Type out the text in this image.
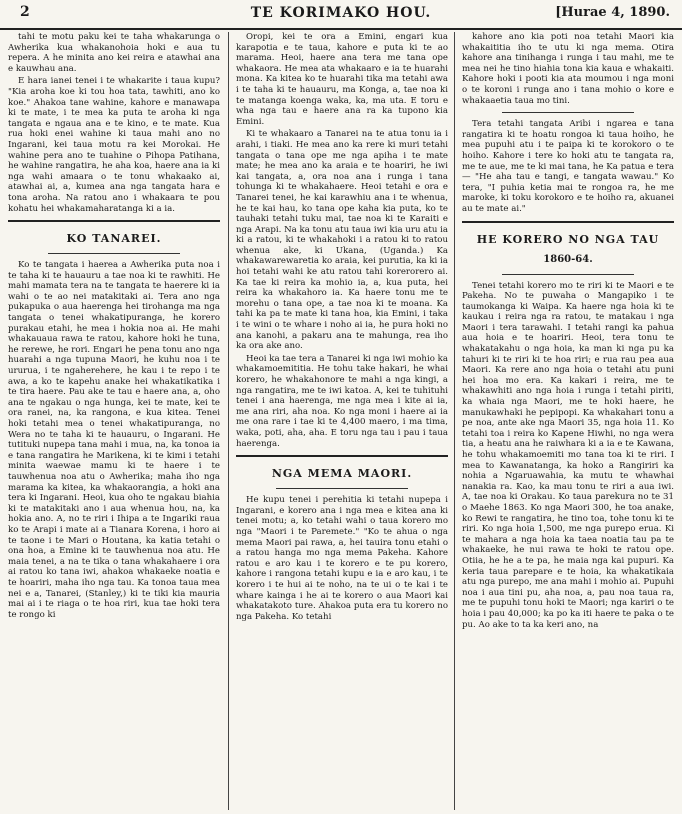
2	TE KORIMAKO HOU.	[Huraе 4, 1890.

tahi te motu paku kei te taha whakarunga o Awherika kua whakanohoia hoki e aua tu repera. A he minita ano kei reira e atawhai ana e kauwhau ana.

E hara ianei tenei i te whakarite i taua kupu? "Kia aroha koe ki tou hoa tata, tawhiti, ano ko koe." Ahakoa tane wahine, kahore e manawapa ki te mate, i te mea ka puta te aroha ki nga tangata e ngaua ana e te kino, e te mate. Kua rua hoki enei wahine ki taua mahi ano no Ingarani, kei taua motu ra kei Morokai. He wahine pera ano te tuahine o Pihopa Patihana, he wahine rangatira, he aha koa, haere ana ia ki nga wahi amaara o te tonu whakaako ai, atawhai ai, a, kumea ana nga tangata hara e tona aroha. Na ratou ano i whakaara te pou kohatu hei whakamaharatanga ki a ia.

KO TANAREI.

Ko te tangata i haerea a Awherika puta noa i te taha ki te hauauru a tae noa ki te rawhiti. He mahi mamata tera na te tangata te haerere ki ia wahi o te ao nei matakitaki ai. Tera ano nga pukapuka o aua haerenga hei tirohanga ma nga tangata o tenei whakatipuranga, he korero purakau etahi, he mea i hokia noa ai. He mahi whakauaua rawa te ratou, kahore hoki he tuna, he rerewe, he rori. Engari he pena tonu ano nga huarahi a nga tupuna Maori, he kuhu noa i te ururua, i te ngaherehere, he kau i te repo i te awa, a ko te kapehu anake hei whakatikatika i te tira haere. Pau ake te tau e haere ana, a, oho ana te ngakau o nga hunga, kei te mate, kei te ora ranei, na, ka rangona, e kua kitea. Tenei hoki tetahi mea o tenei whakatipuranga, no Wera no te taha ki te hauauru, o Ingarani. He tutituki nupepa tana mahi i mua, na, ka tonoa ia e tana rangatira he Marikena, ki te kimi i tetahi minita waewae mamu ki te haere i te tauwhenua noa atu o Awherika; maha iho nga marama ka kitea, ka whakaorangia, a hoki ana tera ki Ingarani. Heoi, kua oho te ngakau biahia ki te matakitaki ano i aua whenua hou, na, ka hokia ano. A, no te riri i Ihipa a te Ingariki raua ko te Arapi i mate ai a Tianara Korena, i horo ai te taone i te Mari o Houtana, ka katia tetahi o ona hoa, a Emine ki te tauwhenua noa atu. He maia tenei, a na te tika o tana whakahaere i ora ai ratou ko tana iwi, ahakoa whakaeke noatia e te hoariri, maha iho nga tau. Ka tonoa taua mea nei e a, Tanarei, (Stanley,) ki te tiki kia mauria mai ai i te riaga o te hoa riri, kua tae hoki tera te rongo ki

Oropi, kei te ora a Emini, engari kua karapotia e te taua, kahore e puta ki te ao marama. Heoi, haere ana tera me tana ope whakaora. He mea ata whakaaro e ia te huarahi mona. Ka kitea ko te huarahi tika ma tetahi awa i te taha ki te hauauru, ma Konga, a, tae noa ki te matanga koenga waka, ka, ma uta. E toru e wha nga tau e haere ana ra ka tupono kia Emini.

Ki te whakaaro a Tanarei na te atua tonu ia i arahi, i tiaki. He mea ano ka rere ki muri tetahi tangata o tana ope me nga apiha i te mate mate; he mea ano ka araia e te hoariri, he iwi kai tangata, a, ora noa ana i runga i tana tohunga ki te whakahaere. Heoi tetahi e ora e Tanarei tenei, he kai karawhiu ana i te whenua, he te kai hau, ko tana ope kaha kia puta, ko te tauhaki tetahi tuku mai, tae noa ki te Karaiti e nga Arapi. Na ka tonu atu taua iwi kia uru atu ia ki a ratou, ki te whakahoki i a ratou ki to ratou whenua ake, ki Ukana, (Uganda.) Ka whakawarewaretia ko araia, kei purutia, ka ki ia hoi tetahi wahi ke atu ratou tahi korerorero ai. Ka tae ki reira ka mohio ia, a, kua puta, hei reira ka whakahoro ia. Ka haere tonu me te morehu o tana ope, a tae noa ki te moana. Ka tahi ka pa te mate ki tana hoa, kia Emini, i taka i te wini o te whare i noho ai ia, he pura hoki no ana kanohi, a pakaru ana te mahunga, rea iho ka ora ake ano.

Heoi ka tae tera a Tanarei ki nga iwi mohio ka whakamoemititia. He tohu take hakari, he whai korero, he whakahonore te mahi a nga kingi, a nga rangatira, me te iwi katoa. A, kei te tuhituhi tenei i ana haerenga, me nga mea i kite ai ia, me ana riri, aha noa. Ko nga moni i haere ai ia me ona rare i tae ki te 4,400 maero, i ma tima, waka, poti, aha, aha. E toru nga tau i pau i taua haerenga.

NGA MEMA MAORI.

He kupu tenei i perehitia ki tetahi nupepa i Ingarani, e korero ana i nga mea e kitea ana ki tenei motu; a, ko tetahi wahi o taua korero mo nga "Maori i te Paremete." "Ko te ahua o nga mema Maori pai rawa, a, hei tauira tonu etahi o a ratou hanga mo nga mema Pakeha. Kahore ratou e aro kau i te korero e te pu korero, kahore i rangona tetahi kupu e ia e aro kau, i te korero i te hui ai te noho, na te ui o te kai i te whare kainga i he ai te korero o aua Maori kai whakatakoto ture. Ahakoa puta era tu korero no nga Pakeha. Ko tetahi

kahore ano kia poti noa tetahi Maori kia whakaititia iho te utu ki nga mema. Otira kahore ana tinihanga i runga i tau mahi, me te mea nei he tino hiahia tona kia kaua e whakaiti. Kahore hoki i pooti kia ata moumou i nga moni o te koroni i runga ano i tana mohio o kore e whakaaetia taua mo tini.

Tera tetahi tangata Aribi i ngarea e tana rangatira ki te hoatu rongoa ki taua hoiho, he mea pupuhi atu i te paipa ki te korokoro o te hoiho. Kahore i tere ko hoki atu te tangata ra, me te aue, me te ki mai tana, he Ka patua e tera — "He aha tau e tangi, e tangata wawau." Ko tera, "I puhia ketia mai te rongoa ra, he me maroke, ki toku korokoro e te hoiho ra, akuanei au te mate ai."

HE KORERO NO NGA TAU
1860-64.

Tenei tetahi korero mo te riri ki te Maori e te Pakeha. No te puwaha o Mangapiko i te taumokanga ki Waipa. Ka haere nga hoia ki te kaukau i reira nga ra ratou, te matakau i nga Maori i tera tarawahi. I tetahi rangi ka pahua aua hoia e te hoariri. Heoi, tera tonu te whakatakahu o nga hoia, ka man ki nga pu ka tahuri ki te riri ki te hoa riri; e rua rau pea aua Maori. Ka rere ano nga hoia o tetahi atu puni hei hoa mo era. Ka kakari i reira, me te whakawhiti ano nga hoia i runga i tetahi piriti, ka whaia nga Maori, me te hoki haere, he manukawhaki he pepipopi. Ka whakahari tonu a pe noa, ante ake nga Maori 35, nga hoia 11. Ko tetahi toa i reira ko Kapene Hiwhi, no nga wera tia, a heatu ana he raiwhara ki a ia e te Kawana, he tohu whakamoemiti mo tana toa ki te riri. I mea to Kawanatanga, ka hoko a Rangiriri ka nohia a Ngaruawahia, ka mutu te whawhai nanakia ra. Kao, ka mau tonu te riri a aua iwi. A, tae noa ki Orakau. Ko taua parekura no te 31 o Maehe 1863. Ko nga Maori 300, he toa anake, ko Rewi te rangatira, he tino toa, tohe tonu ki te riri. Ko nga hoia 1,500, me nga purepo erua. Ki te mahara a nga hoia ka taea noatia tau pa te whakaeke, he nui rawa te hoki te ratou ope. Otiia, he he a te pa, he maia nga kai pupuri. Ka keria taua parepare e te hoia, ka whakatikaia atu nga purepo, me ana mahi i mohio ai. Pupuhi noa i aua tini pu, aha noa, a, pau noa taua ra, me te pupuhi tonu hoki te Maori; nga kariri o te hoia i pau 40,000; ka po ka iti haere te paka o te pu. Ao ake to ta ka keri ano, na
